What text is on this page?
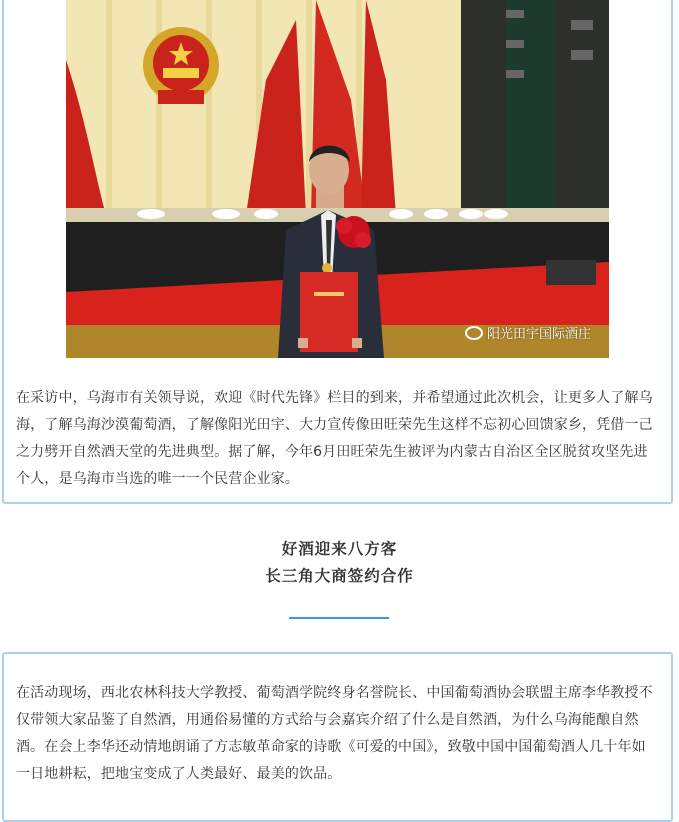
阳光田宇国际酒庄

在采访中，乌海市有关领导说，欢迎《时代先锋》栏目的到来，并希望通过此次机会，让更多人了解乌海，了解乌海沙漠葡萄酒，了解像阳光田宇、大力宣传像田旺荣先生这样不忘初心回馈家乡，凭借一己之力劈开自然酒天堂的先进典型。据了解，今年6月田旺荣先生被评为内蒙古自治区全区脱贫攻坚先进个人，是乌海市当选的唯一一个民营企业家。

好酒迎来八方客

长三角大商签约合作

在活动现场，西北农林科技大学教授、葡萄酒学院终身名誉院长、中国葡萄酒协会联盟主席李华教授不仅带领大家品鉴了自然酒，用通俗易懂的方式给与会嘉宾介绍了什么是自然酒，为什么乌海能酿自然酒。在会上李华还动情地朗诵了方志敏革命家的诗歌《可爱的中国》，致敬中国中国葡萄酒人几十年如一日地耕耘，把地宝变成了人类最好、最美的饮品。
